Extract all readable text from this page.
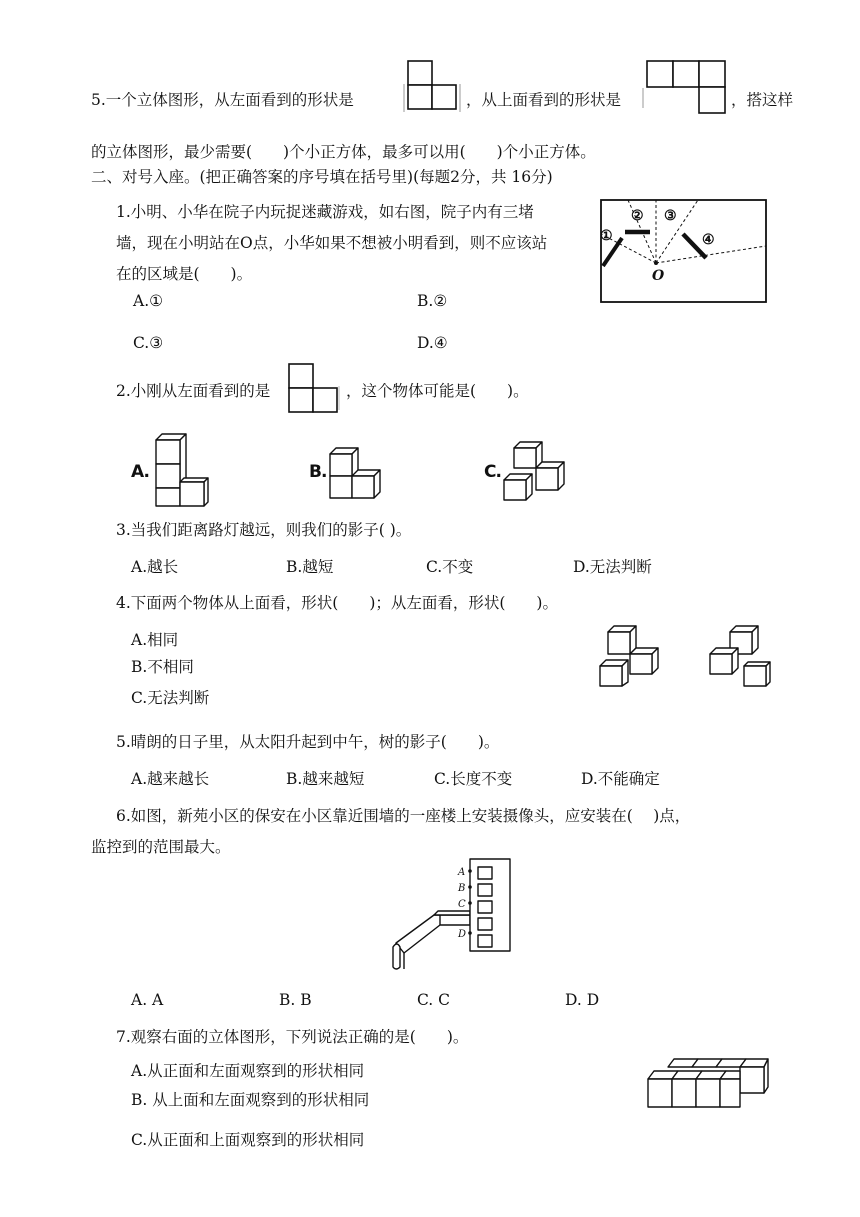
5.一个立体图形，从左面看到的形状是	，从上面看到的形状是	，搭这样
的立体图形，最少需要(　　)个小正方体，最多可以用(　　)个小正方体。
二、对号入座。(把正确答案的序号填在括号里)(每题2分，共 16分)
1.小明、小华在院子内玩捉迷藏游戏，如右图，院子内有三堵
墙，现在小明站在O点，小华如果不想被小明看到，则不应该站
在的区域是(　　)。
A.①	B.②
C.③	D.④
①
② ③
④
O
2.小刚从左面看到的是	，这个物体可能是(　　)。
A.	B.	C.
3.当我们距离路灯越远，则我们的影子( )。
A.越长	B.越短	C.不变	D.无法判断
4.下面两个物体从上面看，形状(　　)；从左面看，形状(　　)。
A.相同
B.不相同
C.无法判断
5.晴朗的日子里，从太阳升起到中午，树的影子(　　)。
A.越来越长	B.越来越短	C.长度不变	D.不能确定
6.如图，新苑小区的保安在小区靠近围墙的一座楼上安装摄像头，应安装在(　 )点，
监控到的范围最大。
A
B
C
D
A. A	B. B	C. C	D. D
7.观察右面的立体图形，下列说法正确的是(　　)。
A.从正面和左面观察到的形状相同
B. 从上面和左面观察到的形状相同
C.从正面和上面观察到的形状相同
